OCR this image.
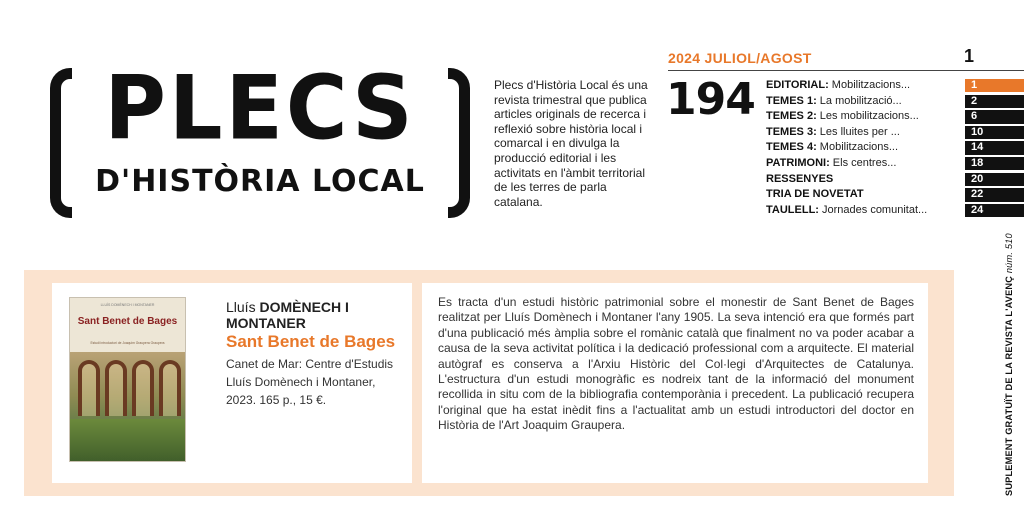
PLECS
D'HISTÒRIA LOCAL
Plecs d'Història Local és una revista trimestral que publica articles originals de recerca i reflexió sobre història local i comarcal i en divulga la producció editorial i les activitats en l'àmbit territorial de les terres de parla catalana.
2024 JULIOL/AGOST	1
194 EDITORIAL: Mobilitzacions...	1
TEMES 1: La mobilització...	2
TEMES 2: Les mobilitzacions...	6
TEMES 3: Les lluites per ...	10
TEMES 4: Mobilitzacions...	14
PATRIMONI: Els centres...	18
RESSENYES	20
TRIA DE NOVETAT	22
TAULELL: Jornades comunitat...	24
LLUÍS DOMÈNECH I MONTANER
Sant Benet de Bages
Estudi introductori de Joaquim Graupera Graupera
Lluís DOMÈNECH I MONTANER
Sant Benet de Bages
Canet de Mar: Centre d'Estudis Lluís Domènech i Montaner, 2023. 165 p., 15 €.
Es tracta d'un estudi històric patrimonial sobre el monestir de Sant Benet de Bages realitzat per Lluís Domènech i Montaner l'any 1905. La seva intenció era que formés part d'una publicació més àmplia sobre el romànic català que finalment no va poder acabar a causa de la seva activitat política i la dedicació professional com a arquitecte. El material autògraf es conserva a l'Arxiu Històric del Col·legi d'Arquitectes de Catalunya. L'estructura d'un estudi monogràfic es nodreix tant de la informació del monument recollida in situ com de la bibliografia contemporània i precedent. La publicació recupera l'original que ha estat inèdit fins a l'actualitat amb un estudi introductori del doctor en Història de l'Art Joaquim Graupera.	SUPLEMENT GRATUÏT DE LA REVISTA L'AVENÇ núm. 510
